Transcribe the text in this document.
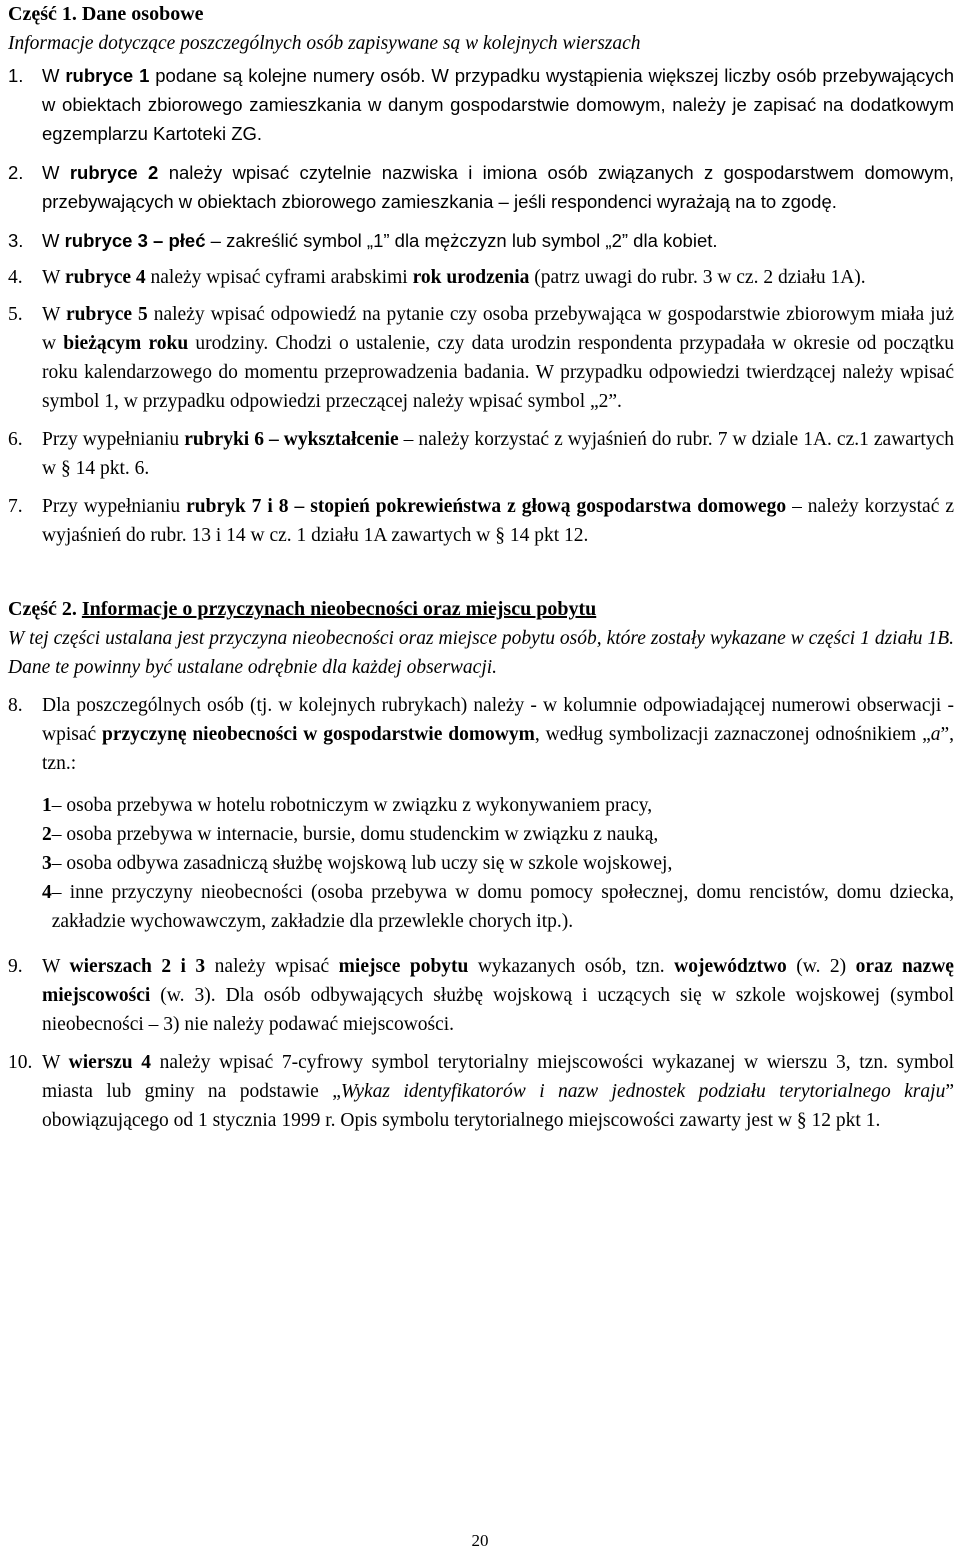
Część 1. Dane osobowe
Informacje dotyczące poszczególnych osób zapisywane są w kolejnych wierszach
1.	W rubryce 1 podane są kolejne numery osób. W przypadku wystąpienia większej liczby osób przebywających w obiektach zbiorowego zamieszkania w danym gospodarstwie domowym, należy je zapisać na dodatkowym egzemplarzu Kartoteki ZG.
2.	W rubryce 2 należy wpisać czytelnie nazwiska i imiona osób związanych z gospodarstwem domowym, przebywających w obiektach zbiorowego zamieszkania – jeśli respondenci wyrażają na to zgodę.
3.	W rubryce 3 – płeć – zakreślić symbol „1” dla mężczyzn lub symbol „2” dla kobiet.
4. W rubryce 4 należy wpisać cyframi arabskimi rok urodzenia (patrz uwagi do rubr. 3 w cz. 2 działu 1A).
5. W rubryce 5 należy wpisać odpowiedź na pytanie czy osoba przebywająca w gospodarstwie zbiorowym miała już w bieżącym roku urodziny. Chodzi o ustalenie, czy data urodzin respondenta przypadała w okresie od początku roku kalendarzowego do momentu przeprowadzenia badania. W przypadku odpowiedzi twierdzącej należy wpisać symbol 1, w przypadku odpowiedzi przeczącej należy wpisać symbol „2”.
6. Przy wypełnianiu rubryki 6 – wykształcenie – należy korzystać z wyjaśnień do rubr. 7 w dziale 1A. cz.1 zawartych w § 14 pkt. 6.
7. Przy wypełnianiu rubryk 7 i 8 – stopień pokrewieństwa z głową gospodarstwa domowego – należy korzystać z wyjaśnień do rubr. 13 i 14 w cz. 1 działu 1A zawartych w § 14 pkt 12.
Część 2. Informacje o przyczynach nieobecności oraz miejscu pobytu
W tej części ustalana jest przyczyna nieobecności oraz miejsce pobytu osób, które zostały wykazane w części 1 działu 1B. Dane te powinny być ustalane odrębnie dla każdej obserwacji.
8. Dla poszczególnych osób (tj. w kolejnych rubrykach) należy - w kolumnie odpowiadającej numerowi obserwacji - wpisać przyczynę nieobecności w gospodarstwie domowym, według symbolizacji zaznaczonej odnośnikiem „a”, tzn.:
1 – osoba przebywa w hotelu robotniczym w związku z wykonywaniem pracy,
2 – osoba przebywa w internacie, bursie, domu studenckim w związku z nauką,
3 – osoba odbywa zasadniczą służbę wojskową lub uczy się w szkole wojskowej,
4 – inne przyczyny nieobecności (osoba przebywa w domu pomocy społecznej, domu rencistów, domu dziecka, zakładzie wychowawczym, zakładzie dla przewlekle chorych itp.).
9. W wierszach 2 i 3 należy wpisać miejsce pobytu wykazanych osób, tzn. województwo (w. 2) oraz nazwę miejscowości (w. 3). Dla osób odbywających służbę wojskową i uczących się w szkole wojskowej (symbol nieobecności – 3) nie należy podawać miejscowości.
10. W wierszu 4 należy wpisać 7-cyfrowy symbol terytorialny miejscowości wykazanej w wierszu 3, tzn. symbol miasta lub gminy na podstawie „Wykaz identyfikatorów i nazw jednostek podziału terytorialnego kraju” obowiązującego od 1 stycznia 1999 r. Opis symbolu terytorialnego miejscowości zawarty jest w § 12 pkt 1.
20
